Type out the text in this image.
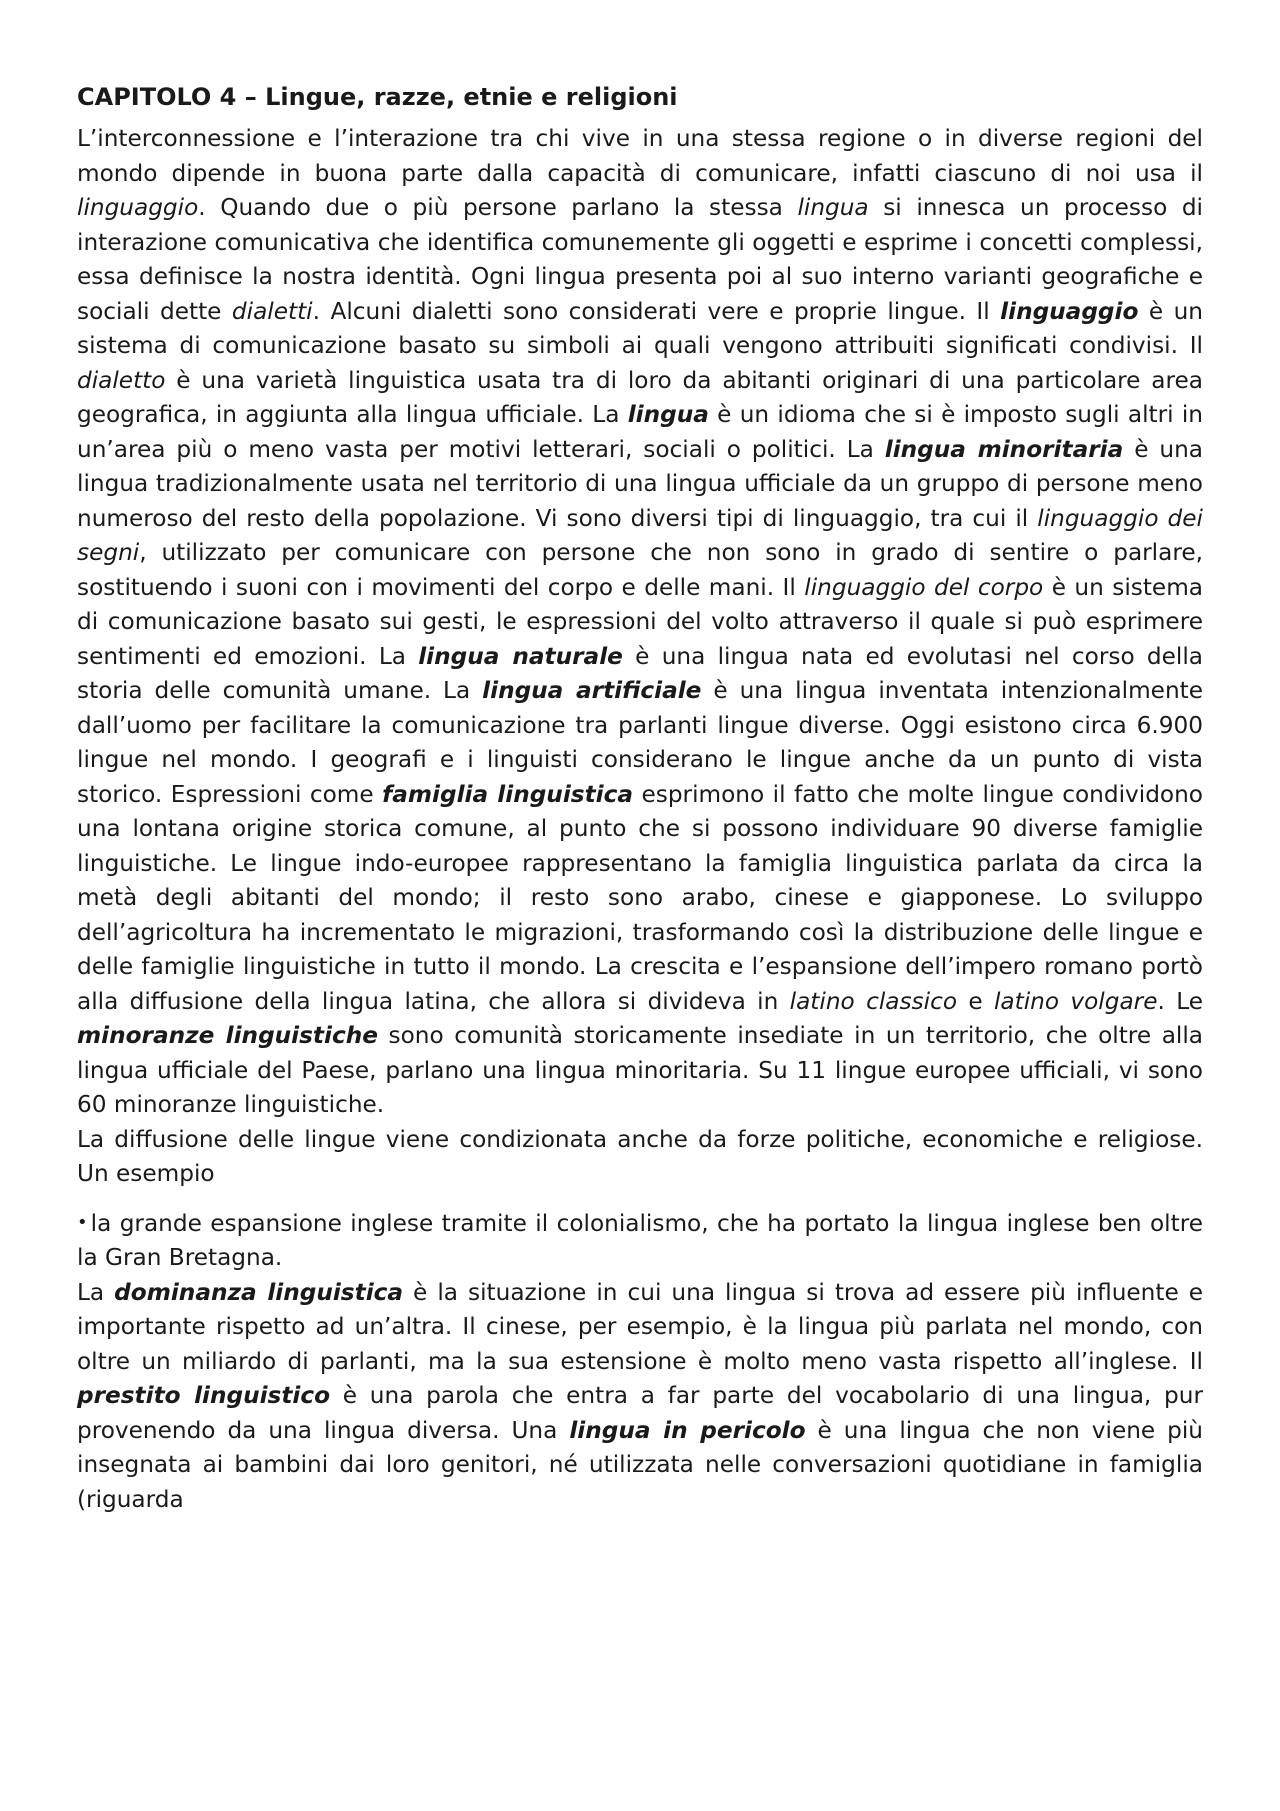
CAPITOLO 4 – Lingue, razze, etnie e religioni

L’interconnessione e l’interazione tra chi vive in una stessa regione o in diverse regioni del mondo dipende in buona parte dalla capacità di comunicare, infatti ciascuno di noi usa il linguaggio. Quando due o più persone parlano la stessa lingua si innesca un processo di interazione comunicativa che identifica comunemente gli oggetti e esprime i concetti complessi, essa definisce la nostra identità. Ogni lingua presenta poi al suo interno varianti geografiche e sociali dette dialetti. Alcuni dialetti sono considerati vere e proprie lingue. Il linguaggio è un sistema di comunicazione basato su simboli ai quali vengono attribuiti significati condivisi. Il dialetto è una varietà linguistica usata tra di loro da abitanti originari di una particolare area geografica, in aggiunta alla lingua ufficiale. La lingua è un idioma che si è imposto sugli altri in un’area più o meno vasta per motivi letterari, sociali o politici. La lingua minoritaria è una lingua tradizionalmente usata nel territorio di una lingua ufficiale da un gruppo di persone meno numeroso del resto della popolazione. Vi sono diversi tipi di linguaggio, tra cui il linguaggio dei segni, utilizzato per comunicare con persone che non sono in grado di sentire o parlare, sostituendo i suoni con i movimenti del corpo e delle mani. Il linguaggio del corpo è un sistema di comunicazione basato sui gesti, le espressioni del volto attraverso il quale si può esprimere sentimenti ed emozioni. La lingua naturale è una lingua nata ed evolutasi nel corso della storia delle comunità umane. La lingua artificiale è una lingua inventata intenzionalmente dall’uomo per facilitare la comunicazione tra parlanti lingue diverse. Oggi esistono circa 6.900 lingue nel mondo. I geografi e i linguisti considerano le lingue anche da un punto di vista storico. Espressioni come famiglia linguistica esprimono il fatto che molte lingue condividono una lontana origine storica comune, al punto che si possono individuare 90 diverse famiglie linguistiche. Le lingue indo-europee rappresentano la famiglia linguistica parlata da circa la metà degli abitanti del mondo; il resto sono arabo, cinese e giapponese. Lo sviluppo dell’agricoltura ha incrementato le migrazioni, trasformando così la distribuzione delle lingue e delle famiglie linguistiche in tutto il mondo. La crescita e l’espansione dell’impero romano portò alla diffusione della lingua latina, che allora si divideva in latino classico e latino volgare. Le minoranze linguistiche sono comunità storicamente insediate in un territorio, che oltre alla lingua ufficiale del Paese, parlano una lingua minoritaria. Su 11 lingue europee ufficiali, vi sono 60 minoranze linguistiche.

La diffusione delle lingue viene condizionata anche da forze politiche, economiche e religiose. Un esempio

• la grande espansione inglese tramite il colonialismo, che ha portato la lingua inglese ben oltre la Gran Bretagna.

La dominanza linguistica è la situazione in cui una lingua si trova ad essere più influente e importante rispetto ad un’altra. Il cinese, per esempio, è la lingua più parlata nel mondo, con oltre un miliardo di parlanti, ma la sua estensione è molto meno vasta rispetto all’inglese. Il prestito linguistico è una parola che entra a far parte del vocabolario di una lingua, pur provenendo da una lingua diversa. Una lingua in pericolo è una lingua che non viene più insegnata ai bambini dai loro genitori, né utilizzata nelle conversazioni quotidiane in famiglia (riguarda
